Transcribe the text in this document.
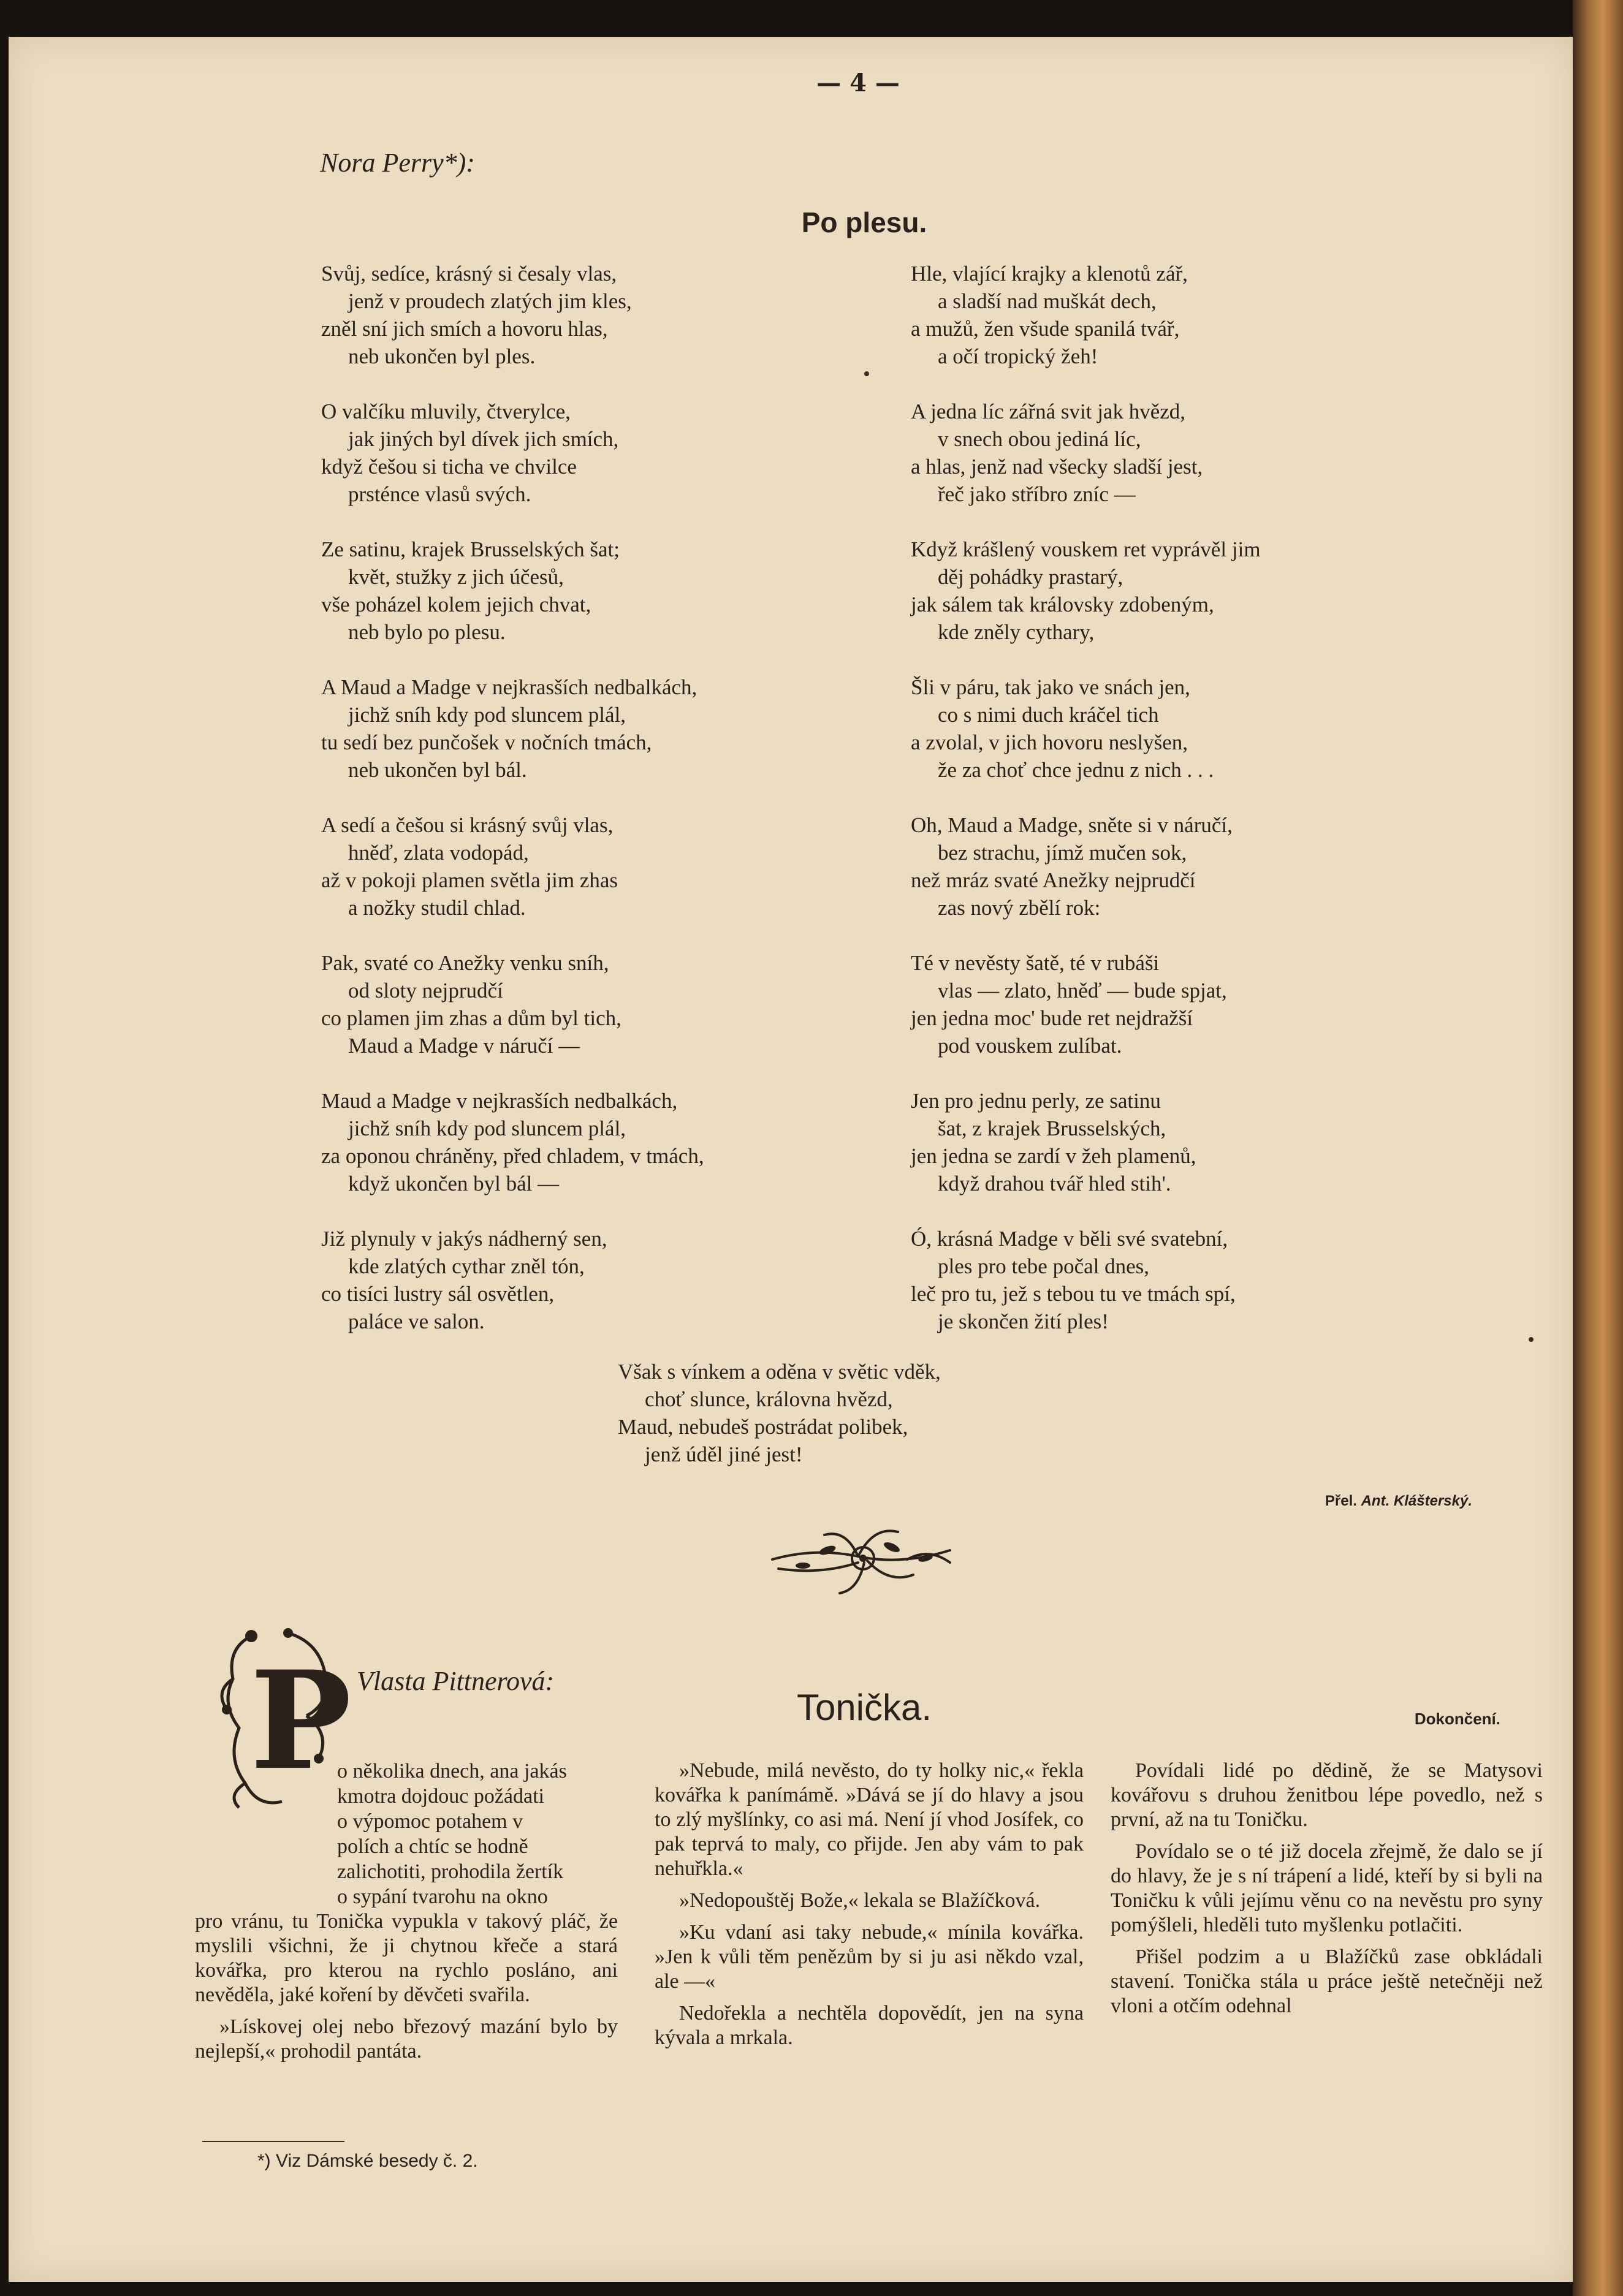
— 4 —
Nora Perry*):
Po plesu.
Svůj, sedíce, krásný si česaly vlas,
jenž v proudech zlatých jim kles,
zněl sní jich smích a hovoru hlas,
neb ukončen byl ples.
O valčíku mluvily, čtverylce,
jak jiných byl dívek jich smích,
když češou si ticha ve chvilce
prsténce vlasů svých.
Ze satinu, krajek Brusselských šat;
květ, stužky z jich účesů,
vše poházel kolem jejich chvat,
neb bylo po plesu.
A Maud a Madge v nejkrasších nedbalkách,
jichž sníh kdy pod sluncem plál,
tu sedí bez punčošek v nočních tmách,
neb ukončen byl bál.
A sedí a češou si krásný svůj vlas,
hněď, zlata vodopád,
až v pokoji plamen světla jim zhas
a nožky studil chlad.
Pak, svaté co Anežky venku sníh,
od sloty nejprudčí
co plamen jim zhas a dům byl tich,
Maud a Madge v náručí —
Maud a Madge v nejkrasších nedbalkách,
jichž sníh kdy pod sluncem plál,
za oponou chráněny, před chladem, v tmách,
když ukončen byl bál —
Již plynuly v jakýs nádherný sen,
kde zlatých cythar zněl tón,
co tisíci lustry sál osvětlen,
paláce ve salon.
Hle, vlající krajky a klenotů zář,
a sladší nad muškát dech,
a mužů, žen všude spanilá tvář,
a očí tropický žeh!
A jedna líc zářná svit jak hvězd,
v snech obou jediná líc,
a hlas, jenž nad všecky sladší jest,
řeč jako stříbro zníc —
Když krášlený vouskem ret vyprávěl jim
děj pohádky prastarý,
jak sálem tak královsky zdobeným,
kde zněly cythary,
Šli v páru, tak jako ve snách jen,
co s nimi duch kráčel tich
a zvolal, v jich hovoru neslyšen,
že za choť chce jednu z nich . . .
Oh, Maud a Madge, sněte si v náručí,
bez strachu, jímž mučen sok,
než mráz svaté Anežky nejprudčí
zas nový zbělí rok:
Té v nevěsty šatě, té v rubáši
vlas — zlato, hněď — bude spjat,
jen jedna moc' bude ret nejdražší
pod vouskem zulíbat.
Jen pro jednu perly, ze satinu
šat, z krajek Brusselských,
jen jedna se zardí v žeh plamenů,
když drahou tvář hled stih'.
Ó, krásná Madge v běli své svatební,
ples pro tebe počal dnes,
leč pro tu, jež s tebou tu ve tmách spí,
je skončen žití ples!
Však s vínkem a oděna v světic vděk,
choť slunce, královna hvězd,
Maud, nebudeš postrádat polibek,
jenž úděl jiné jest!
Přel. Ant. Klášterský.
Vlasta Pittnerová:
Tonička.	Dokončení.
P
o několika dnech, ana jakás
kmotra dojdouc požádati
o výpomoc potahem v
polích a chtíc se hodně
zalichotiti, prohodila žertík
o sypání tvarohu na okno

pro vránu, tu Tonička vypukla v takový pláč, že myslili všichni, že ji chytnou křeče a stará kovářka, pro kterou na rychlo posláno, ani nevěděla, jaké koření by děvčeti svařila.

»Lískovej olej nebo březový mazání bylo by nejlepší,« prohodil pantáta.

»Nebude, milá nevěsto, do ty holky nic,« řekla kovářka k panímámě. »Dává se jí do hlavy a jsou to zlý myšlínky, co asi má. Není jí vhod Josífek, co pak teprvá to maly, co přijde. Jen aby vám to pak nehuřkla.«

»Nedopouštěj Bože,« lekala se Blažíčková.

»Ku vdaní asi taky nebude,« mínila kovářka. »Jen k vůli těm penězům by si ju asi někdo vzal, ale —«

Nedořekla a nechtěla dopovědít, jen na syna kývala a mrkala.

Povídali lidé po dědině, že se Matysovi kovářovu s druhou ženitbou lépe povedlo, než s první, až na tu Toničku.

Povídalo se o té již docela zřejmě, že dalo se jí do hlavy, že je s ní trápení a lidé, kteří by si byli na Toničku k vůli jejímu věnu co na nevěstu pro syny pomýšleli, hleděli tuto myšlenku potlačiti.

Přišel podzim a u Blažíčků zase obkládali stavení. Tonička stála u práce ještě netečněji než vloni a otčím odehnal

*) Viz Dámské besedy č. 2.
